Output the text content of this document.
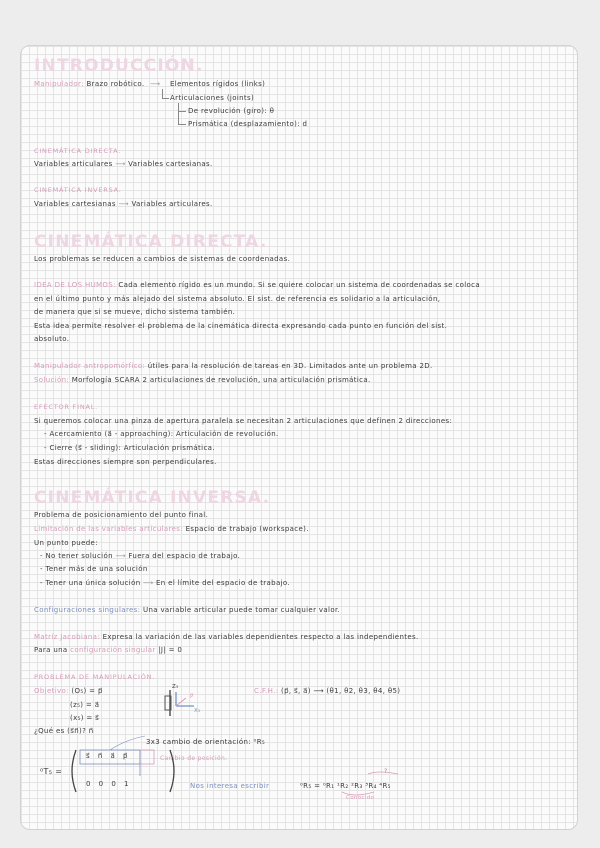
INTRODUCCIÓN.
Manipulador: Brazo robótico. ⟶ Elementos rígidos (links)
Articulaciones (joints)
De revolución (giro): θ
Prismática (desplazamiento): d
CINEMÁTICA DIRECTA.
Variables articulares ⟶ Variables cartesianas.
CINEMÁTICA INVERSA.
Variables cartesianas ⟶ Variables articulares.
CINEMÁTICA DIRECTA.
Los problemas se reducen a cambios de sistemas de coordenadas.
IDEA DE LOS HUMOS: Cada elemento rígido es un mundo. Si se quiere colocar un sistema de coordenadas se coloca
en el último punto y más alejado del sistema absoluto. El sist. de referencia es solidario a la articulación,
de manera que si se mueve, dicho sistema también.
Esta idea permite resolver el problema de la cinemática directa expresando cada punto en función del sist.
absoluto.
Manipulador antropomórfico: útiles para la resolución de tareas en 3D. Limitados ante un problema 2D.
Solución: Morfología SCARA 2 articulaciones de revolución, una articulación prismática.
EFECTOR FINAL.
Si queremos colocar una pinza de apertura paralela se necesitan 2 articulaciones que definen 2 direcciones:
- Acercamiento (a⃗ - approaching): Articulación de revolución.
- Cierre (s⃗ - sliding): Articulación prismática.
Estas direcciones siempre son perpendiculares.
CINEMÁTICA INVERSA.
Problema de posicionamiento del punto final.
Limitación de las variables articulares: Espacio de trabajo (workspace).
Un punto puede:
- No tener solución ⟶ Fuera del espacio de trabajo.
- Tener más de una solución
- Tener una única solución ⟶ En el límite del espacio de trabajo.
Configuraciones singulares: Una variable articular puede tomar cualquier valor.
Matriz Jacobiana: Expresa la variación de las variables dependientes respecto a las independientes.
Para una configuración singular |J| = 0
PROBLEMA DE MANIPULACIÓN.
Objetivo: (O₅) = p⃗
(z₅) = a⃗
(x₅) = s⃗
Z₅
X₅
P⃗
C.F.H.: (p⃗, s⃗, a⃗) ⟶ (θ1, θ2, θ3, θ4, θ5)
¿Qué es (s⃗n⃗)? n⃗
3x3 cambio de orientación: ⁰R₅
⁰T₅ =
s⃗ n⃗ a⃗ p⃗
0 0 0 1
Cambio de posición.
Nos interesa escribir	⁰R₅ = ⁰R₁ ¹R₂ ²R₃ ³R₄ ⁴R₅
?
Conocido
